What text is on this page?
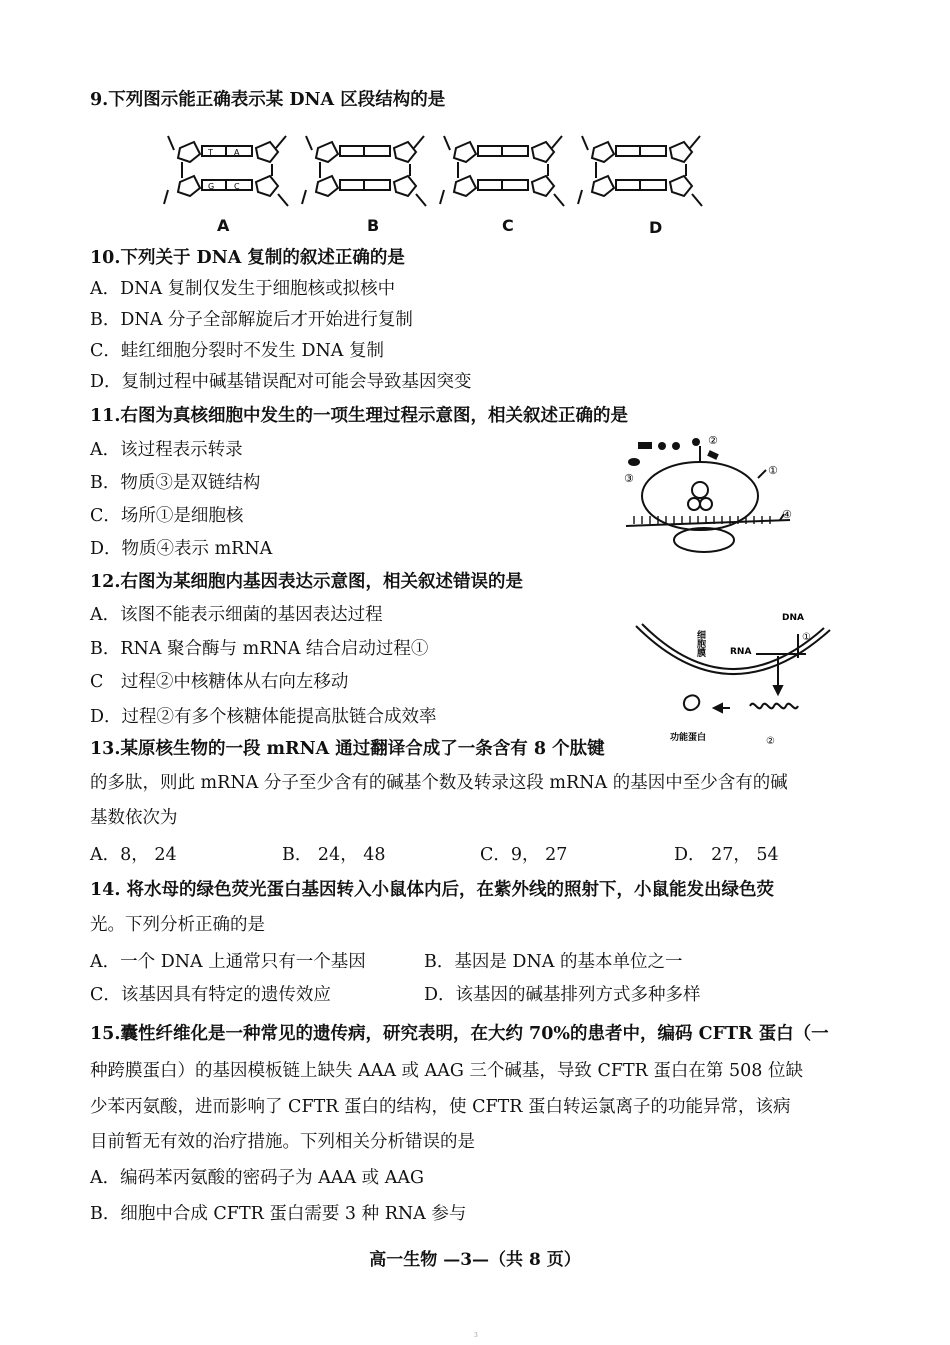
9.下列图示能正确表示某 DNA 区段结构的是
T	A
G C
A	B	C	D
10.下列关于 DNA 复制的叙述正确的是
A．DNA 复制仅发生于细胞核或拟核中
B．DNA 分子全部解旋后才开始进行复制
C．蛙红细胞分裂时不发生 DNA 复制
D．复制过程中碱基错误配对可能会导致基因突变
11.右图为真核细胞中发生的一项生理过程示意图，相关叙述正确的是
A．该过程表示转录
B．物质③是双链结构
C．场所①是细胞核
D．物质④表示 mRNA
①
②
③
④
12.右图为某细胞内基因表达示意图，相关叙述错误的是
A．该图不能表示细菌的基因表达过程
B．RNA 聚合酶与 mRNA 结合启动过程①
C　过程②中核糖体从右向左移动
D．过程②有多个核糖体能提高肽链合成效率
DNA
①
RNA
细胞膜
②
功能蛋白
13.某原核生物的一段 mRNA 通过翻译合成了一条含有 8 个肽键
的多肽，则此 mRNA 分子至少含有的碱基个数及转录这段 mRNA 的基因中至少含有的碱
基数依次为
A．8， 24	B． 24， 48	C．9， 27	D． 27， 54
14. 将水母的绿色荧光蛋白基因转入小鼠体内后，在紫外线的照射下，小鼠能发出绿色荧
光。下列分析正确的是
A．一个 DNA 上通常只有一个基因	B．基因是 DNA 的基本单位之一
C．该基因具有特定的遗传效应	D．该基因的碱基排列方式多种多样
15.囊性纤维化是一种常见的遗传病，研究表明，在大约 70%的患者中，编码 CFTR 蛋白（一
种跨膜蛋白）的基因模板链上缺失 AAA 或 AAG 三个碱基，导致 CFTR 蛋白在第 508 位缺
少苯丙氨酸，进而影响了 CFTR 蛋白的结构，使 CFTR 蛋白转运氯离子的功能异常，该病
目前暂无有效的治疗措施。下列相关分析错误的是
A．编码苯丙氨酸的密码子为 AAA 或 AAG
B．细胞中合成 CFTR 蛋白需要 3 种 RNA 参与
高一生物 —3—（共 8 页）
3
